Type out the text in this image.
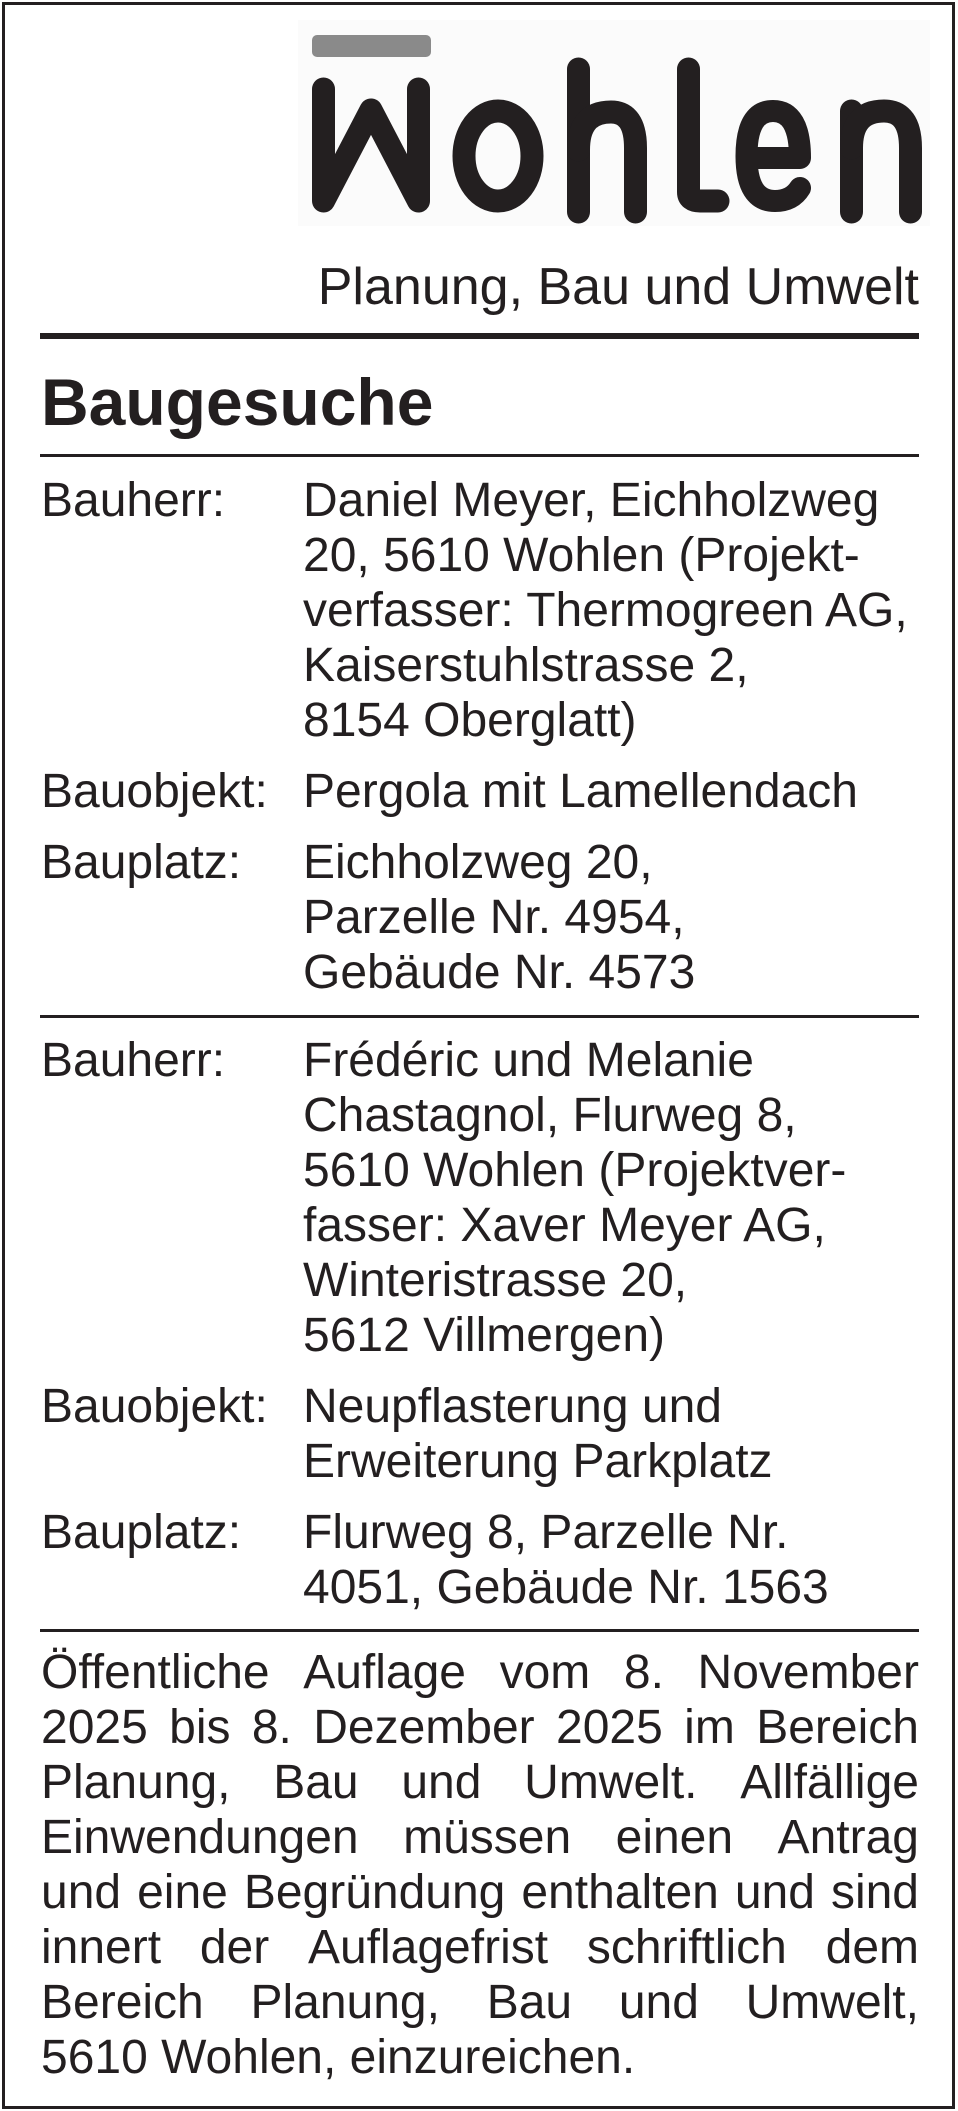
Planung, Bau und Umwelt
Baugesuche
Bauherr:	Daniel Meyer, Eichholzweg
20, 5610 Wohlen (Projekt-
verfasser: Thermogreen AG,
Kaiserstuhlstrasse 2,
8154 Oberglatt)
Bauobjekt: Pergola mit Lamellendach
Bauplatz:	Eichholzweg 20,
Parzelle Nr. 4954,
Gebäude Nr. 4573
Bauherr:	Frédéric und Melanie
Chastagnol, Flurweg 8,
5610 Wohlen (Projektver-
fasser: Xaver Meyer AG,
Winteristrasse 20,
5612 Villmergen)
Bauobjekt: Neupflasterung und
Erweiterung Parkplatz
Bauplatz:	Flurweg 8, Parzelle Nr.
4051, Gebäude Nr. 1563
Öffentliche Auflage vom 8. November
2025 bis 8. Dezember 2025 im Bereich
Planung, Bau und Umwelt. Allfällige
Einwendungen müssen einen Antrag
und eine Begründung enthalten und sind
innert der Auflagefrist schriftlich dem
Bereich Planung, Bau und Umwelt,
5610 Wohlen, einzureichen.
